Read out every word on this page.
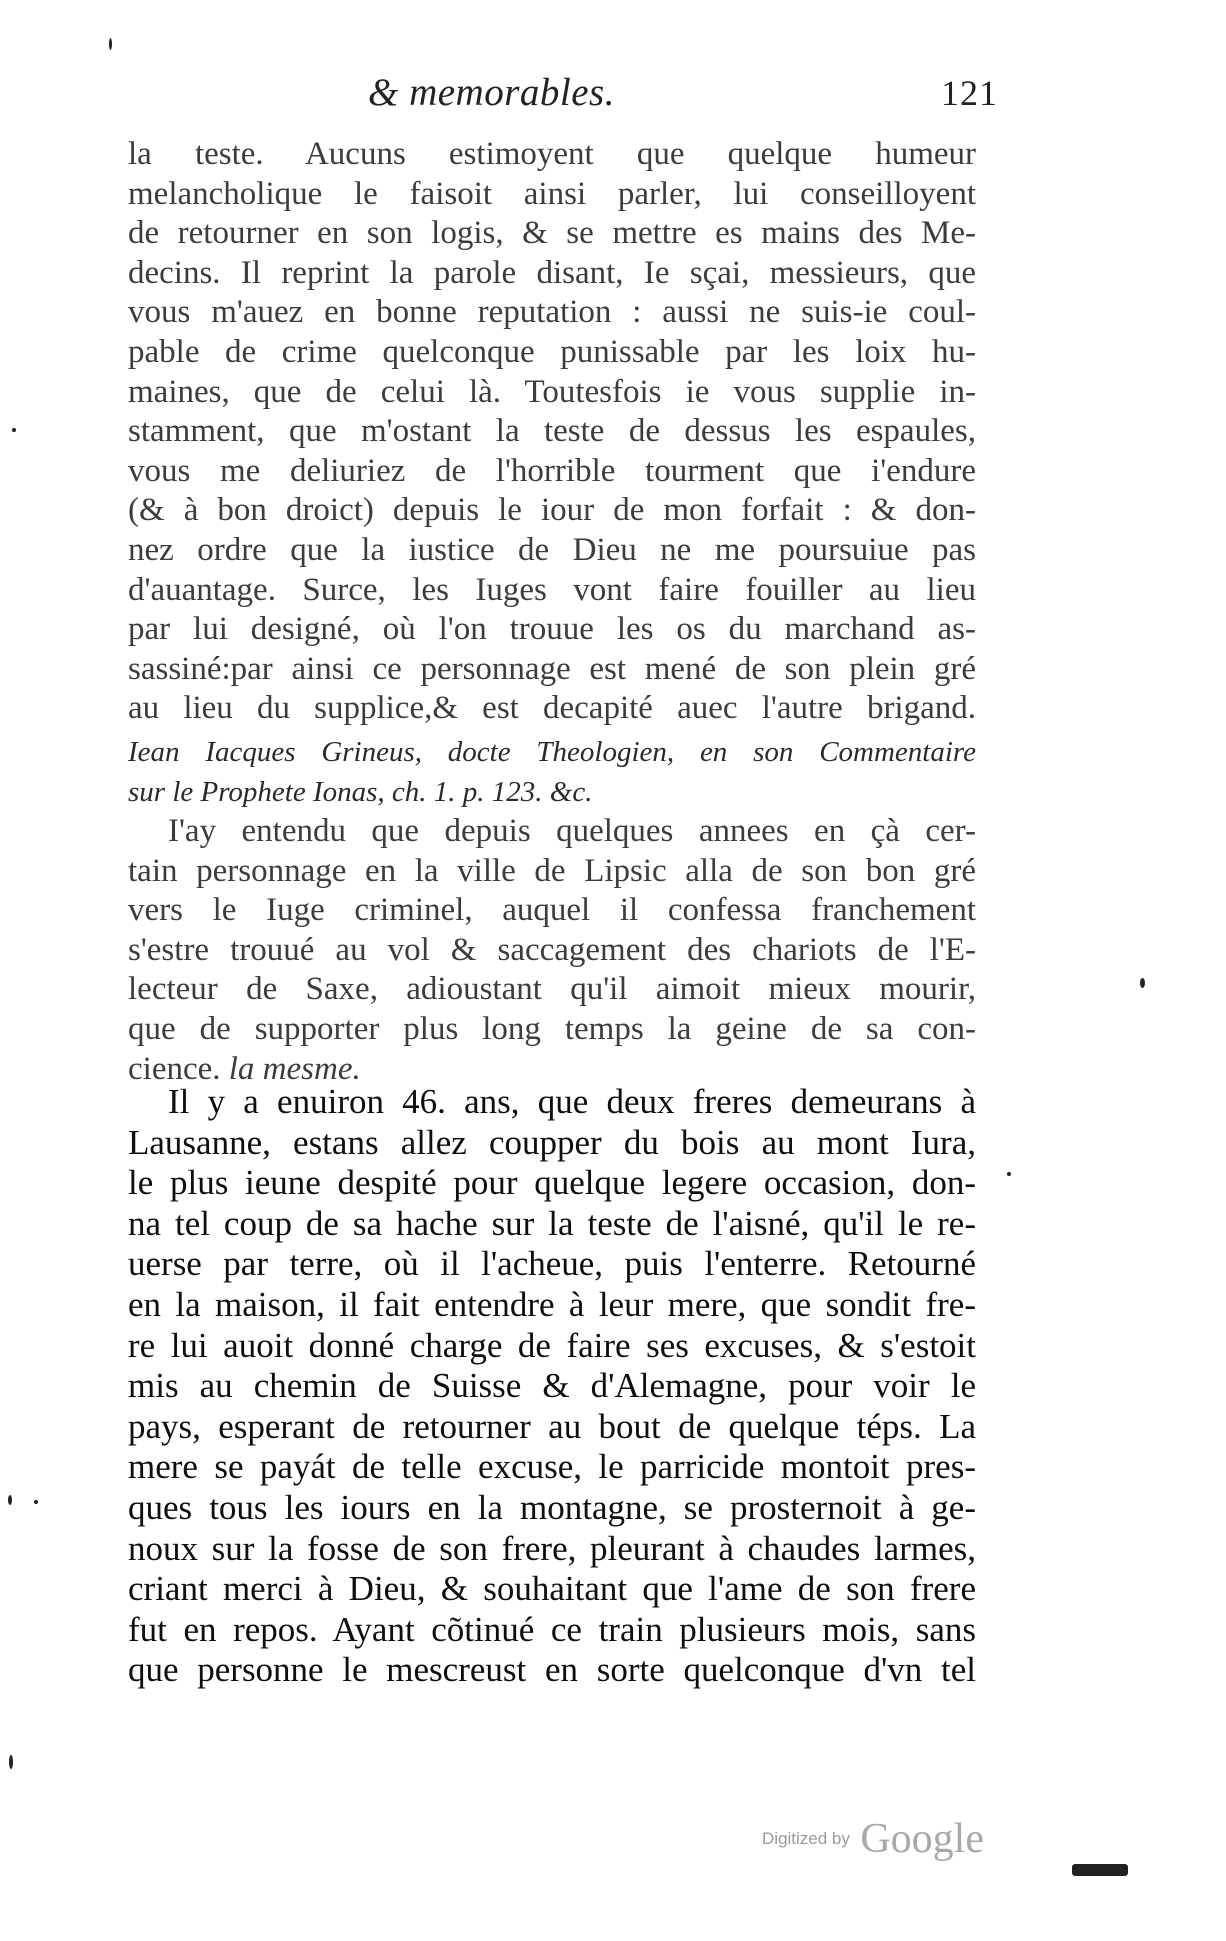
& memorables.	121
la teste. Aucuns estimoyent que quelque humeur
melancholique le faisoit ainsi parler, lui conseilloyent
de retourner en son logis, & se mettre es mains des Me-
decins. Il reprint la parole disant, Ie sçai, messieurs, que
vous m'auez en bonne reputation : aussi ne suis-ie coul-
pable de crime quelconque punissable par les loix hu-
maines, que de celui là. Toutesfois ie vous supplie in-
stamment, que m'ostant la teste de dessus les espaules,
vous me deliuriez de l'horrible tourment que i'endure
(& à bon droict) depuis le iour de mon forfait : & don-
nez ordre que la iustice de Dieu ne me poursuiue pas
d'auantage. Surce, les Iuges vont faire fouiller au lieu
par lui designé, où l'on trouue les os du marchand as-
sassiné:par ainsi ce personnage est mené de son plein gré
au lieu du supplice,& est decapité auec l'autre brigand.
Iean Iacques Grineus, docte Theologien, en son Commentaire
sur le Prophete Ionas, ch. 1. p. 123. &c.
I'ay entendu que depuis quelques annees en çà cer-
tain personnage en la ville de Lipsic alla de son bon gré
vers le Iuge criminel, auquel il confessa franchement
s'estre trouué au vol & saccagement des chariots de l'E-
lecteur de Saxe, adioustant qu'il aimoit mieux mourir,
que de supporter plus long temps la geine de sa con-
cience. la mesme.
Il y a enuiron 46. ans, que deux freres demeurans à
Lausanne, estans allez coupper du bois au mont Iura,
le plus ieune despité pour quelque legere occasion, don-
na tel coup de sa hache sur la teste de l'aisné, qu'il le re-
uerse par terre, où il l'acheue, puis l'enterre. Retourné
en la maison, il fait entendre à leur mere, que sondit fre-
re lui auoit donné charge de faire ses excuses, & s'estoit
mis au chemin de Suisse & d'Alemagne, pour voir le
pays, esperant de retourner au bout de quelque téps. La
mere se payát de telle excuse, le parricide montoit pres-
ques tous les iours en la montagne, se prosternoit à ge-
noux sur la fosse de son frere, pleurant à chaudes larmes,
criant merci à Dieu, & souhaitant que l'ame de son frere
fut en repos. Ayant cõtinué ce train plusieurs mois, sans
que personne le mescreust en sorte quelconque d'vn tel
Digitized by Google
